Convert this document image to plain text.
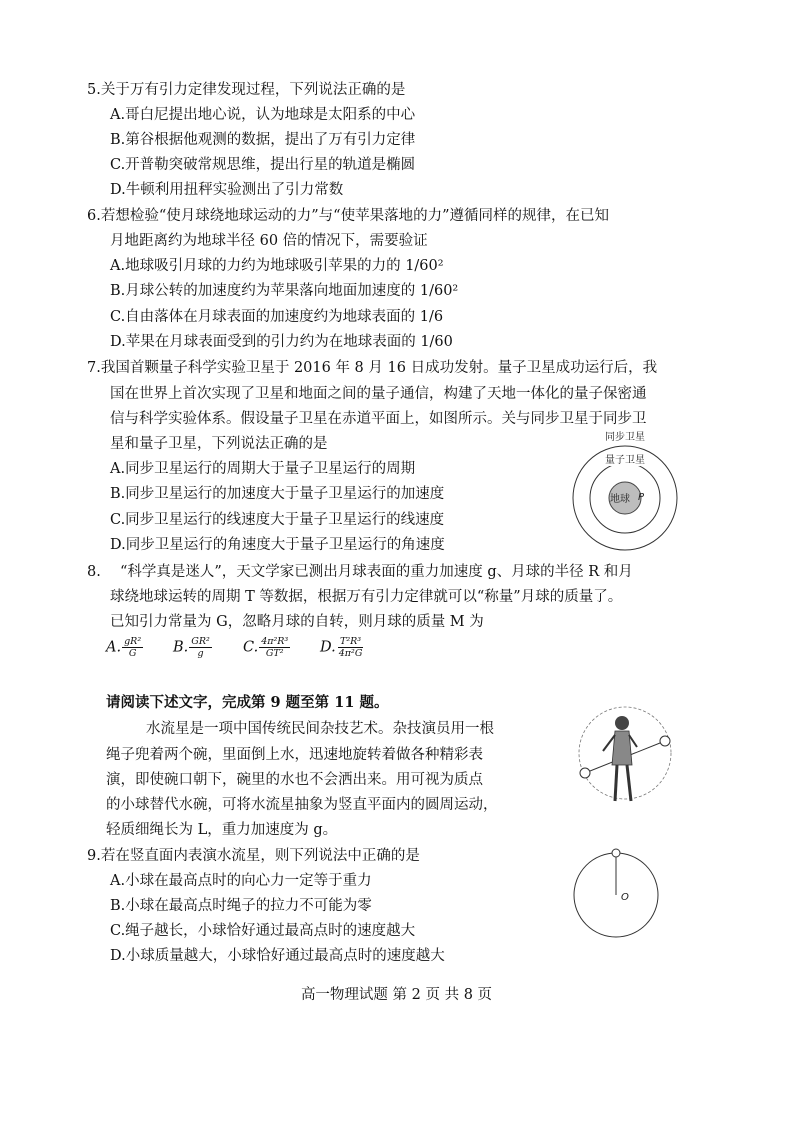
5.关于万有引力定律发现过程，下列说法正确的是
A.哥白尼提出地心说，认为地球是太阳系的中心
B.第谷根据他观测的数据，提出了万有引力定律
C.开普勒突破常规思维，提出行星的轨道是椭圆
D.牛顿利用扭秤实验测出了引力常数
6.若想检验“使月球绕地球运动的力”与“使苹果落地的力”遵循同样的规律，在已知
月地距离约为地球半径 60 倍的情况下，需要验证
A.地球吸引月球的力约为地球吸引苹果的力的 1/60²
B.月球公转的加速度约为苹果落向地面加速度的 1/60²
C.自由落体在月球表面的加速度约为地球表面的 1/6
D.苹果在月球表面受到的引力约为在地球表面的 1/60
7.我国首颗量子科学实验卫星于 2016 年 8 月 16 日成功发射。量子卫星成功运行后，我
国在世界上首次实现了卫星和地面之间的量子通信，构建了天地一体化的量子保密通
信与科学实验体系。假设量子卫星在赤道平面上，如图所示。关与同步卫星于同步卫
星和量子卫星，下列说法正确的是
A.同步卫星运行的周期大于量子卫星运行的周期
B.同步卫星运行的加速度大于量子卫星运行的加速度
C.同步卫星运行的线速度大于量子卫星运行的线速度
D.同步卫星运行的角速度大于量子卫星运行的角速度
同步卫星
量子卫星
地球 P
8.　 “科学真是迷人”，天文学家已测出月球表面的重力加速度 g、月球的半径 R 和月
球绕地球运转的周期 T 等数据，根据万有引力定律就可以“称量”月球的质量了。
已知引力常量为 G，忽略月球的自转，则月球的质量 M 为
A. $\frac{\text{gR²}}{G} B$. $\frac{\text{GR²}}{g} C$. $\frac{\text{4π²R³}}{\text{GT²}} D$. $\frac{\text{T²R³}}{\text{4π²G}}$
请阅读下述文字，完成第 9 题至第 11 题。
水流星是一项中国传统民间杂技艺术。杂技演员用一根
绳子兜着两个碗，里面倒上水，迅速地旋转着做各种精彩表
演，即使碗口朝下，碗里的水也不会洒出来。用可视为质点
的小球替代水碗，可将水流星抽象为竖直平面内的圆周运动，
轻质细绳长为 L，重力加速度为 g。
9.若在竖直面内表演水流星，则下列说法中正确的是
A.小球在最高点时的向心力一定等于重力
B.小球在最高点时绳子的拉力不可能为零
C.绳子越长，小球恰好通过最高点时的速度越大
D.小球质量越大，小球恰好通过最高点时的速度越大
O
高一物理试题 第 2 页 共 8 页
